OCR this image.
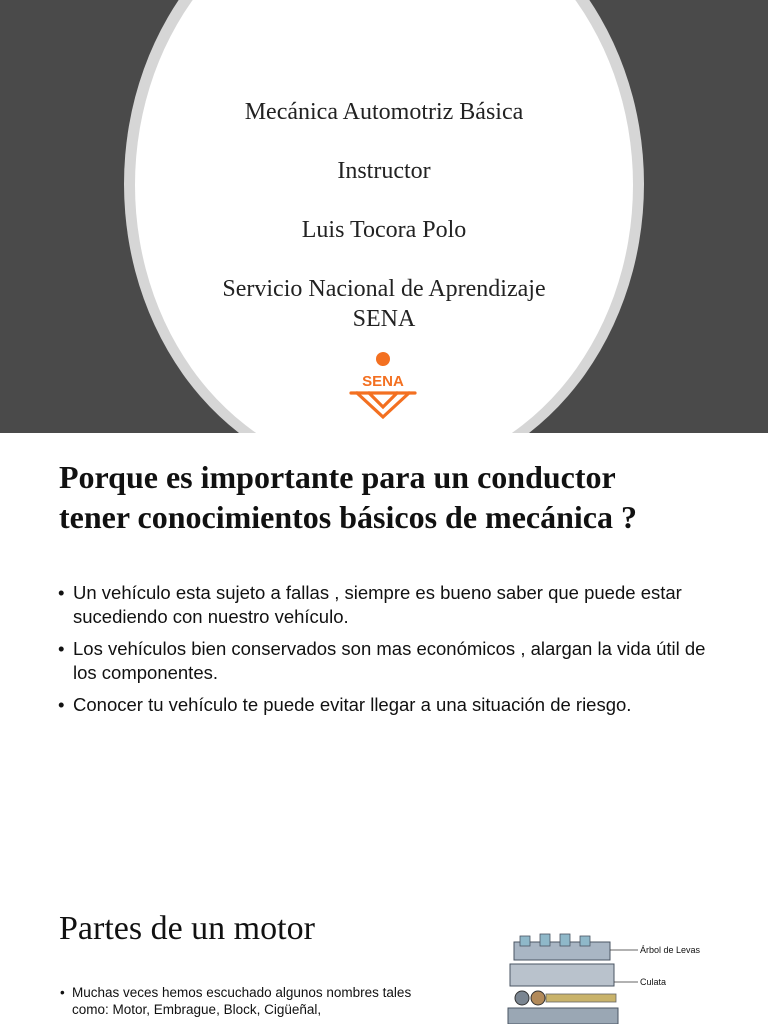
Mecánica Automotriz Básica
Instructor
Luis Tocora Polo
Servicio Nacional de Aprendizaje
SENA
SENA
Porque es importante para un conductor
tener conocimientos básicos de mecánica ?
• Un vehículo esta sujeto a fallas , siempre es bueno saber que puede estar sucediendo con nuestro vehículo.
• Los vehículos bien conservados son mas económicos , alargan la vida útil de los componentes.
• Conocer tu vehículo te puede evitar llegar a una situación de riesgo.
Partes de un motor
• Muchas veces hemos escuchado algunos nombres tales como: Motor, Embrague, Block, Cigüeñal,
Árbol de Levas
Culata
